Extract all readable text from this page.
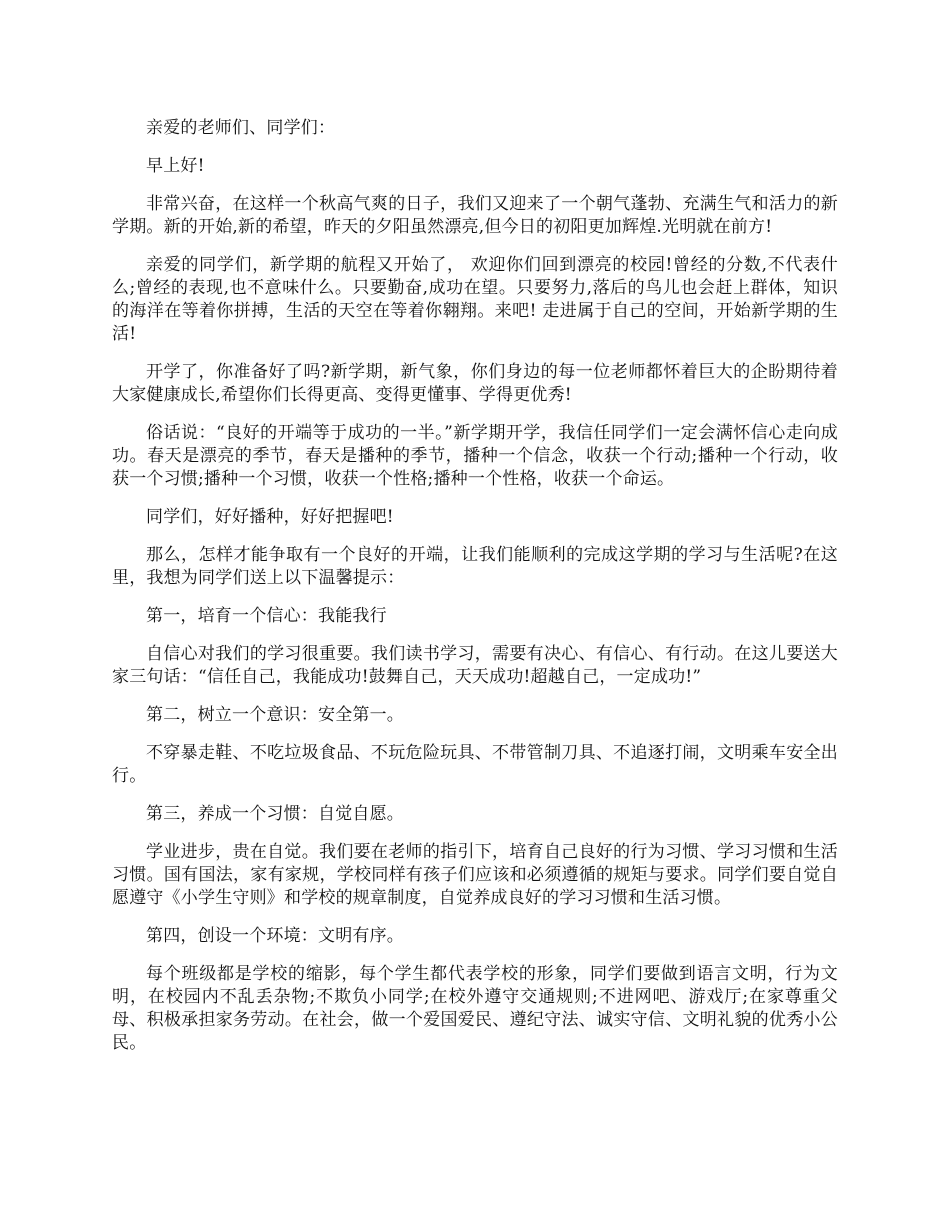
亲爱的老师们、同学们：

早上好!

非常兴奋，在这样一个秋高气爽的日子，我们又迎来了一个朝气蓬勃、充满生气和活力的新学期。新的开始,新的希望，昨天的夕阳虽然漂亮,但今日的初阳更加辉煌.光明就在前方!

亲爱的同学们，新学期的航程又开始了， 欢迎你们回到漂亮的校园!曾经的分数,不代表什么;曾经的表现,也不意味什么。只要勤奋,成功在望。只要努力,落后的鸟儿也会赶上群体，知识的海洋在等着你拼搏，生活的天空在等着你翱翔。来吧! 走进属于自己的空间，开始新学期的生活!

开学了，你准备好了吗?新学期，新气象，你们身边的每一位老师都怀着巨大的企盼期待着大家健康成长,希望你们长得更高、变得更懂事、学得更优秀!

俗话说：“良好的开端等于成功的一半。”新学期开学，我信任同学们一定会满怀信心走向成功。春天是漂亮的季节，春天是播种的季节，播种一个信念，收获一个行动;播种一个行动，收获一个习惯;播种一个习惯，收获一个性格;播种一个性格，收获一个命运。

同学们，好好播种，好好把握吧!

那么，怎样才能争取有一个良好的开端，让我们能顺利的完成这学期的学习与生活呢?在这里，我想为同学们送上以下温馨提示：

第一，培育一个信心：我能我行

自信心对我们的学习很重要。我们读书学习，需要有决心、有信心、有行动。在这儿要送大家三句话：“信任自己，我能成功!鼓舞自己，天天成功!超越自己，一定成功!”

第二，树立一个意识：安全第一。

不穿暴走鞋、不吃垃圾食品、不玩危险玩具、不带管制刀具、不追逐打闹，文明乘车安全出行。

第三，养成一个习惯：自觉自愿。

学业进步，贵在自觉。我们要在老师的指引下，培育自己良好的行为习惯、学习习惯和生活习惯。国有国法，家有家规，学校同样有孩子们应该和必须遵循的规矩与要求。同学们要自觉自愿遵守《小学生守则》和学校的规章制度，自觉养成良好的学习习惯和生活习惯。

第四，创设一个环境：文明有序。

每个班级都是学校的缩影，每个学生都代表学校的形象，同学们要做到语言文明，行为文明，在校园内不乱丢杂物;不欺负小同学;在校外遵守交通规则;不进网吧、游戏厅;在家尊重父母、积极承担家务劳动。在社会，做一个爱国爱民、遵纪守法、诚实守信、文明礼貌的优秀小公民。
